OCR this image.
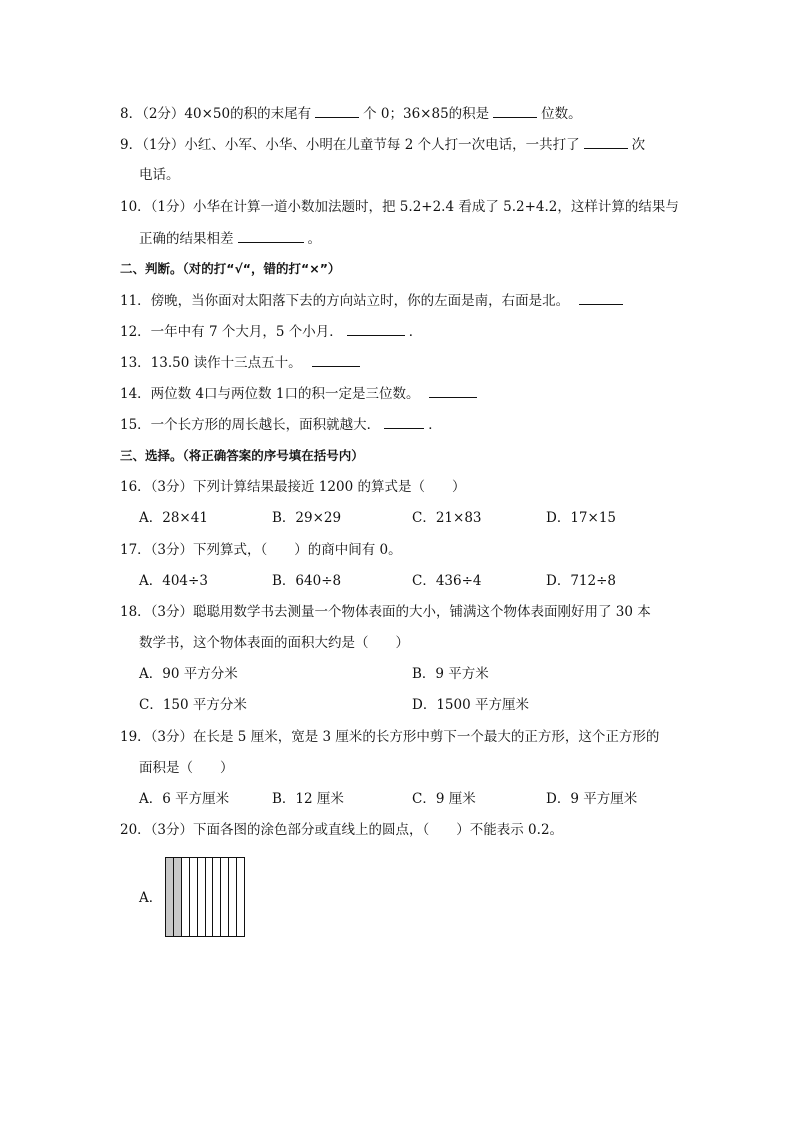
8．（2分）40×50的积的末尾有	个 0；36×85的积是	位数。
9．（1分）小红、小军、小华、小明在儿童节每 2 个人打一次电话，一共打了	次
电话。
10．（1分）小华在计算一道小数加法题时，把 5.2+2.4 看成了 5.2+4.2，这样计算的结果与
正确的结果相差	。
二、判断。（对的打“√“，错的打“×”）
11．傍晚，当你面对太阳落下去的方向站立时，你的左面是南，右面是北。
12．一年中有 7 个大月，5 个小月．	．
13．13.50 读作十三点五十。
14．两位数 4口与两位数 1口的积一定是三位数。
15．一个长方形的周长越长，面积就越大．	．
三、选择。（将正确答案的序号填在括号内）
16．（3分）下列计算结果最接近 1200 的算式是（　　）
A．28×41	B．29×29	C．21×83	D．17×15
17．（3分）下列算式，（　　）的商中间有 0。
A．404÷3	B．640÷8	C．436÷4	D．712÷8
18．（3分）聪聪用数学书去测量一个物体表面的大小，铺满这个物体表面刚好用了 30 本
数学书，这个物体表面的面积大约是（　　）
A．90 平方分米	B．9 平方米
C．150 平方分米	D．1500 平方厘米
19．（3分）在长是 5 厘米，宽是 3 厘米的长方形中剪下一个最大的正方形，这个正方形的
面积是（　　）
A．6 平方厘米	B．12 厘米	C．9 厘米	D．9 平方厘米
20．（3分）下面各图的涂色部分或直线上的圆点，（　　）不能表示 0.2。
A．
